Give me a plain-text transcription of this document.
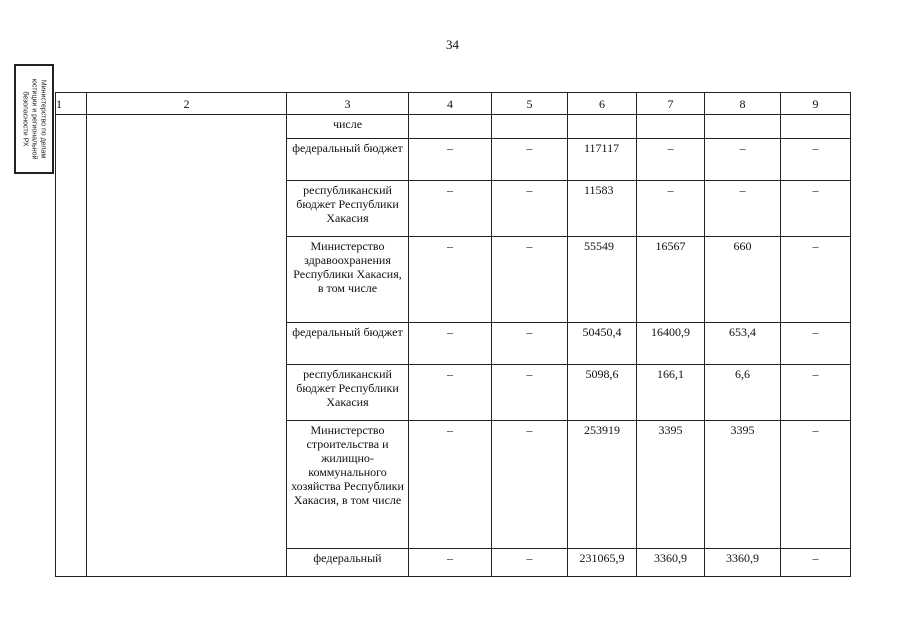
34
Министерство по делам
юстиции и региональной
безопасности РХ 1	2	3	4	5	6	7	8	9
		числе						
		федеральный бюджет	–	–	117117	–	–	–
		республиканский бюджет Республики Хакасия	–	–	11583	–	–	–
		Министерство здравоохранения Республики Хакасия, в том числе	–	–	55549	16567	660	–
		федеральный бюджет	–	–	50450,4	16400,9	653,4	–
		республиканский бюджет Республики Хакасия	–	–	5098,6	166,1	6,6	–
		Министерство строительства и жилищно-коммунального хозяйства Республики Хакасия, в том числе	–	–	253919	3395	3395	–
		федеральный	–	–	231065,9	3360,9	3360,9	–
